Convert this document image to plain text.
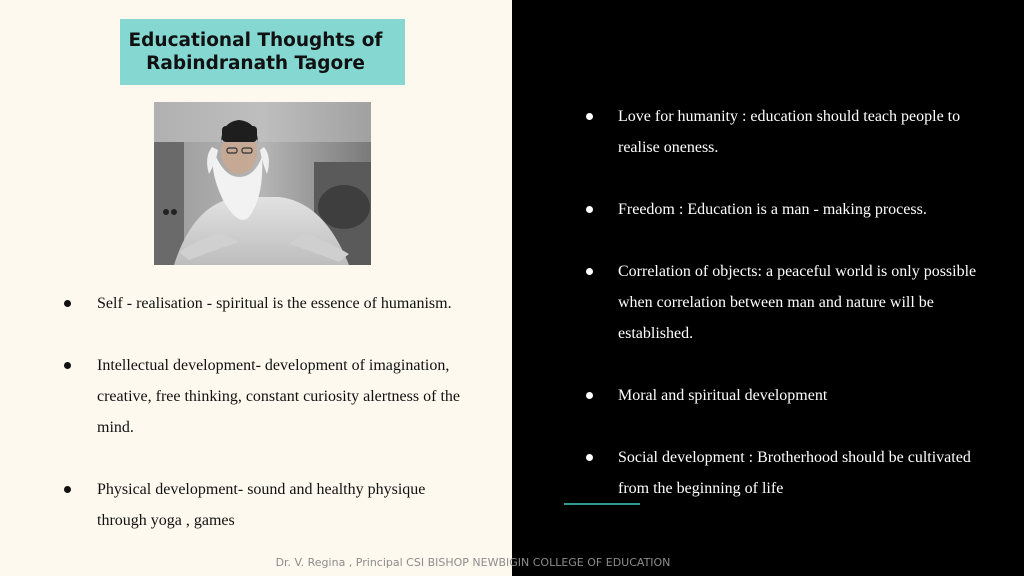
Educational Thoughts of
Rabindranath Tagore
Self - realisation - spiritual is the essence of humanism.
Intellectual development- development of imagination, creative, free thinking, constant curiosity alertness of the mind.
Physical development- sound and healthy physique through yoga , games
Love for humanity : education should teach people to realise oneness.
Freedom : Education is a man - making process.
Correlation of objects: a peaceful world is only possible when correlation between man and nature will be established.
Moral and spiritual development
Social development : Brotherhood should be cultivated from the beginning of life
Dr. V. Regina , Principal CSI BISHOP NEWBIGIN COLLEGE OF EDUCATION
